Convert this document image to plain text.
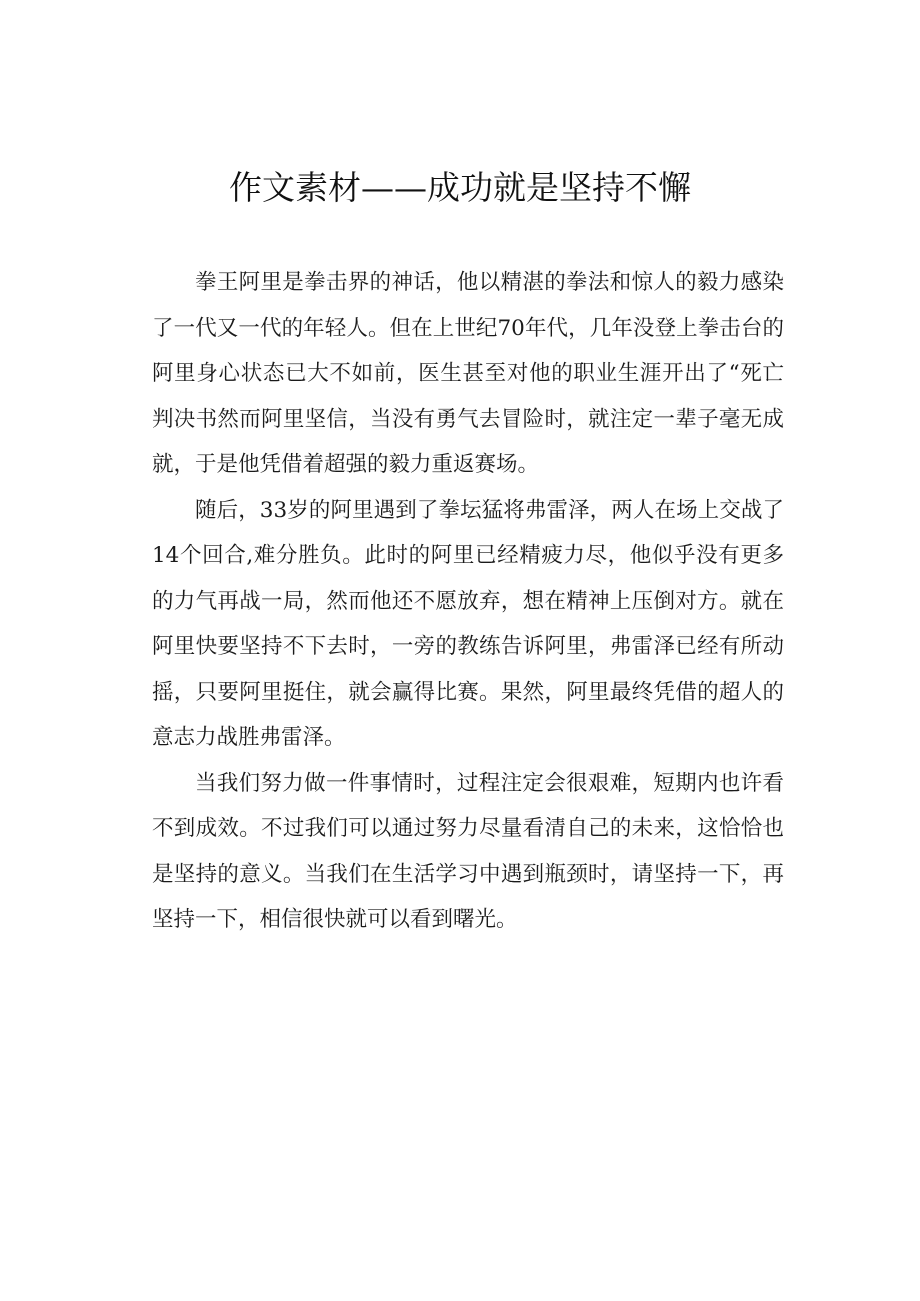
作文素材——成功就是坚持不懈

拳王阿里是拳击界的神话，他以精湛的拳法和惊人的毅力感染了一代又一代的年轻人。但在上世纪70年代，几年没登上拳击台的阿里身心状态已大不如前，医生甚至对他的职业生涯开出了“死亡判决书然而阿里坚信，当没有勇气去冒险时，就注定一辈子毫无成就，于是他凭借着超强的毅力重返赛场。

随后，33岁的阿里遇到了拳坛猛将弗雷泽，两人在场上交战了14个回合,难分胜负。此时的阿里已经精疲力尽，他似乎没有更多的力气再战一局，然而他还不愿放弃，想在精神上压倒对方。就在阿里快要坚持不下去时，一旁的教练告诉阿里，弗雷泽已经有所动摇，只要阿里挺住，就会赢得比赛。果然，阿里最终凭借的超人的意志力战胜弗雷泽。

当我们努力做一件事情时，过程注定会很艰难，短期内也许看不到成效。不过我们可以通过努力尽量看清自己的未来，这恰恰也是坚持的意义。当我们在生活学习中遇到瓶颈时，请坚持一下，再坚持一下，相信很快就可以看到曙光。
